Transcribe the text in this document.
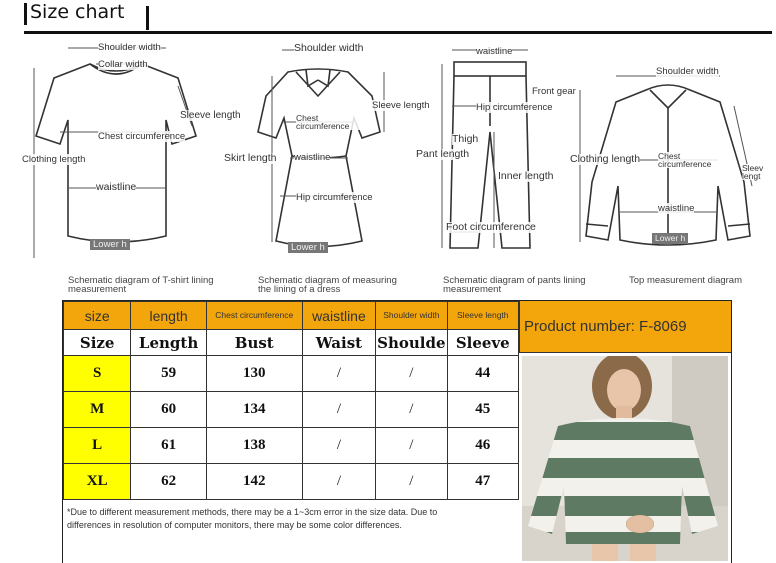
Size chart
Shoulder width
Collar width
Sleeve length
Chest circumference
Clothing length
waistline
Lower h
Schematic diagram of T-shirt lining
measurement
Shoulder width
Sleeve length
Chest circumference
Skirt length waistline
Hip circumference
Lower h
Schematic diagram of measuring
the lining of a dress
waistline
Front gear
Hip circumference
Thigh
Pant length
Inner length
Foot circumference
Schematic diagram of pants lining
measurement
Shoulder width
Clothing length Chest circumference	Sleev lengt
waistline
Lower h
Top measurement diagram
size	length	Chest circumference	waistline	Shoulder width	Sleeve length
Size	Length	Bust	Waist	Shoulde	Sleeve
S	59	130	/	/	44
M	60	134	/	/	45
L	61	138	/	/	46
XL	62	142	/	/	47
*Due to different measurement methods, there may be a 1~3cm error in the size data. Due to differences in resolution of computer monitors, there may be some color differences.
Product number: F-8069
